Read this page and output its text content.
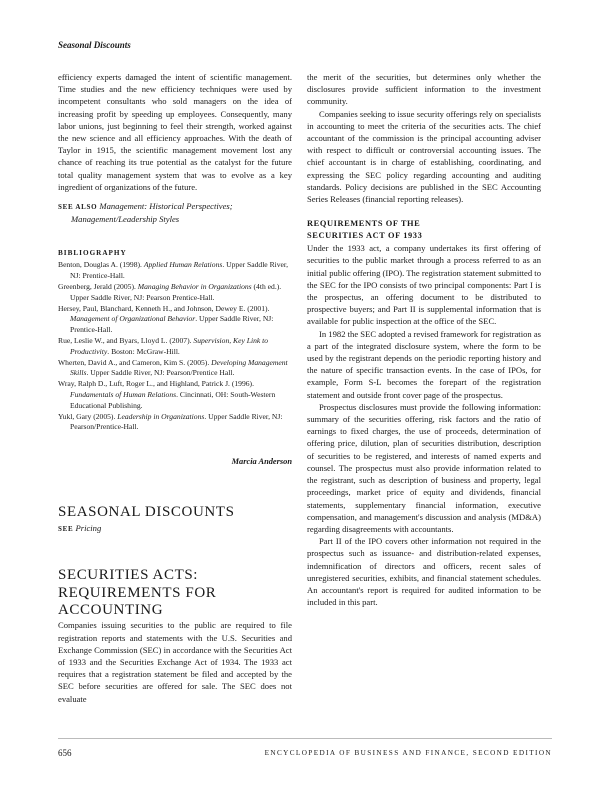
Seasonal Discounts

efficiency experts damaged the intent of scientific management. Time studies and the new efficiency techniques were used by incompetent consultants who sold managers on the idea of increasing profit by speeding up employees. Consequently, many labor unions, just beginning to feel their strength, worked against the new science and all efficiency approaches. With the death of Taylor in 1915, the scientific management movement lost any chance of reaching its true potential as the catalyst for the future total quality management system that was to evolve as a key ingredient of organizations of the future.

SEE ALSO Management: Historical Perspectives; Management/Leadership Styles

BIBLIOGRAPHY

Benton, Douglas A. (1998). Applied Human Relations. Upper Saddle River, NJ: Prentice-Hall.

Greenberg, Jerald (2005). Managing Behavior in Organizations (4th ed.). Upper Saddle River, NJ: Pearson Prentice-Hall.

Hersey, Paul, Blanchard, Kenneth H., and Johnson, Dewey E. (2001). Management of Organizational Behavior. Upper Saddle River, NJ: Prentice-Hall.

Rue, Leslie W., and Byars, Lloyd L. (2007). Supervision, Key Link to Productivity. Boston: McGraw-Hill.

Wherten, David A., and Cameron, Kim S. (2005). Developing Management Skills. Upper Saddle River, NJ: Pearson/Prentice Hall.

Wray, Ralph D., Luft, Roger L., and Highland, Patrick J. (1996). Fundamentals of Human Relations. Cincinnati, OH: South-Western Educational Publishing.

Yukl, Gary (2005). Leadership in Organizations. Upper Saddle River, NJ: Pearson/Prentice-Hall.

Marcia Anderson
SEASONAL DISCOUNTS

SEE Pricing

SECURITIES ACTS:
REQUIREMENTS FOR
ACCOUNTING

Companies issuing securities to the public are required to file registration reports and statements with the U.S. Securities and Exchange Commission (SEC) in accordance with the Securities Act of 1933 and the Securities Exchange Act of 1934. The 1933 act requires that a registration statement be filed and accepted by the SEC before securities are offered for sale. The SEC does not evaluate

the merit of the securities, but determines only whether the disclosures provide sufficient information to the investment community.

Companies seeking to issue security offerings rely on specialists in accounting to meet the criteria of the securities acts. The chief accountant of the commission is the principal accounting adviser with respect to difficult or controversial accounting issues. The chief accountant is in charge of establishing, coordinating, and expressing the SEC policy regarding accounting and auditing standards. Policy decisions are published in the SEC Accounting Series Releases (financial reporting releases).

REQUIREMENTS OF THE
SECURITIES ACT OF 1933

Under the 1933 act, a company undertakes its first offering of securities to the public market through a process referred to as an initial public offering (IPO). The registration statement submitted to the SEC for the IPO consists of two principal components: Part I is the prospectus, an offering document to be distributed to prospective buyers; and Part II is supplemental information that is available for public inspection at the office of the SEC.

In 1982 the SEC adopted a revised framework for registration as a part of the integrated disclosure system, where the form to be used by the registrant depends on the periodic reporting history and the nature of specific transaction events. In the case of IPOs, for example, Form S-L becomes the forepart of the registration statement and outside front cover page of the prospectus.

Prospectus disclosures must provide the following information: summary of the securities offering, risk factors and the ratio of earnings to fixed charges, the use of proceeds, determination of offering price, dilution, plan of securities distribution, description of securities to be registered, and interests of named experts and counsel. The prospectus must also provide information related to the registrant, such as description of business and property, legal proceedings, market price of equity and dividends, financial statements, supplementary financial information, executive compensation, and management's discussion and analysis (MD&A) regarding disagreements with accountants.

Part II of the IPO covers other information not required in the prospectus such as issuance- and distribution-related expenses, indemnification of directors and officers, recent sales of unregistered securities, exhibits, and financial statement schedules. An accountant's report is required for audited information to be included in this part.

656	ENCYCLOPEDIA OF BUSINESS AND FINANCE, SECOND EDITION
